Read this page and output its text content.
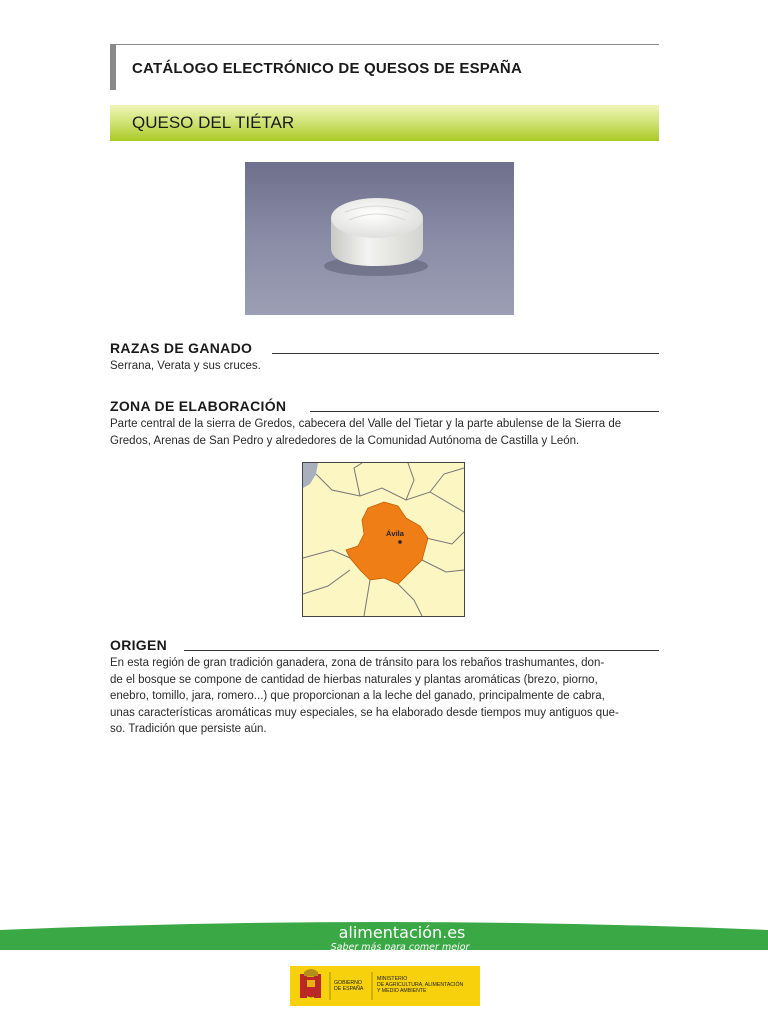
CATÁLOGO ELECTRÓNICO DE QUESOS DE ESPAÑA
QUESO DEL TIÉTAR
RAZAS DE GANADO
Serrana, Verata y sus cruces.
ZONA DE ELABORACIÓN
Parte central de la sierra de Gredos, cabecera del Valle del Tietar y la parte abulense de la Sierra de
Gredos, Arenas de San Pedro y alrededores de la Comunidad Autónoma de Castilla y León.
Ávila
ORIGEN
En esta región de gran tradición ganadera, zona de tránsito para los rebaños trashumantes, don-
de el bosque se compone de cantidad de hierbas naturales y plantas aromáticas (brezo, piorno,
enebro, tomillo, jara, romero...) que proporcionan a la leche del ganado, principalmente de cabra,
unas características aromáticas muy especiales, se ha elaborado desde tiempos muy antiguos que-
so. Tradición que persiste aún.
alimentación.es
Saber más para comer mejor
GOBIERNO
DE ESPAÑA
MINISTERIO
DE AGRICULTURA, ALIMENTACIÓN
Y MEDIO AMBIENTE
